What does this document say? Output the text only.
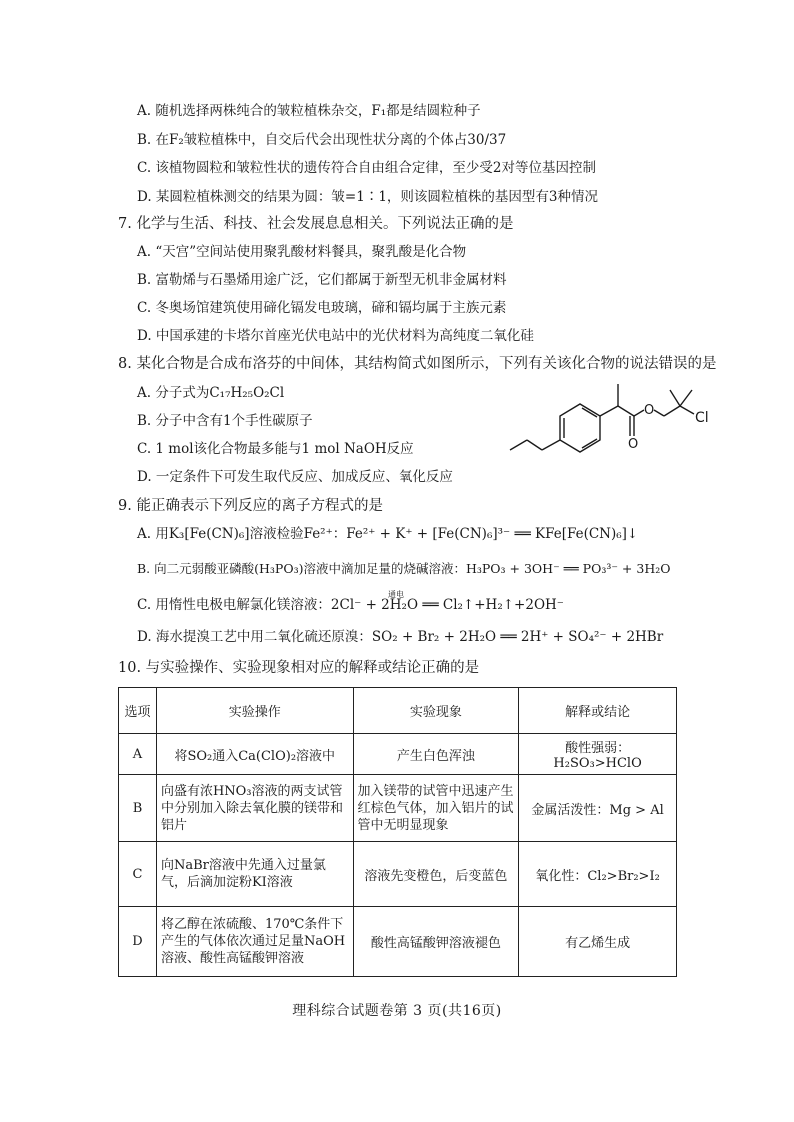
A. 随机选择两株纯合的皱粒植株杂交，F₁都是结圆粒种子
B. 在F₂皱粒植株中，自交后代会出现性状分离的个体占30/37
C. 该植物圆粒和皱粒性状的遗传符合自由组合定律，至少受2对等位基因控制
D. 某圆粒植株测交的结果为圆：皱=1∶1，则该圆粒植株的基因型有3种情况
7. 化学与生活、科技、社会发展息息相关。下列说法正确的是
A. “天宫”空间站使用聚乳酸材料餐具，聚乳酸是化合物
B. 富勒烯与石墨烯用途广泛，它们都属于新型无机非金属材料
C. 冬奥场馆建筑使用碲化镉发电玻璃，碲和镉均属于主族元素
D. 中国承建的卡塔尔首座光伏电站中的光伏材料为高纯度二氧化硅
8. 某化合物是合成布洛芬的中间体，其结构简式如图所示，下列有关该化合物的说法错误的是
A. 分子式为C₁₇H₂₅O₂Cl
B. 分子中含有1个手性碳原子
C. 1 mol该化合物最多能与1 mol NaOH反应
D. 一定条件下可发生取代反应、加成反应、氧化反应
O
O
Cl
9. 能正确表示下列反应的离子方程式的是
A. 用K₃[Fe(CN)₆]溶液检验Fe²⁺：Fe²⁺ + K⁺ + [Fe(CN)₆]³⁻ ══ KFe[Fe(CN)₆]↓
B. 向二元弱酸亚磷酸(H₃PO₃)溶液中滴加足量的烧碱溶液：H₃PO₃ + 3OH⁻ ══ PO₃³⁻ + 3H₂O
通电
C. 用惰性电极电解氯化镁溶液：2Cl⁻ + 2H₂O ══ Cl₂↑+H₂↑+2OH⁻
D. 海水提溴工艺中用二氧化硫还原溴：SO₂ + Br₂ + 2H₂O ══ 2H⁺ + SO₄²⁻ + 2HBr
10. 与实验操作、实验现象相对应的解释或结论正确的是
选项	实验操作	实验现象	解释或结论
A	将SO₂通入Ca(ClO)₂溶液中	产生白色浑浊	酸性强弱：H₂SO₃>HClO
B	向盛有浓HNO₃溶液的两支试管中分别加入除去氧化膜的镁带和铝片	加入镁带的试管中迅速产生红棕色气体，加入铝片的试管中无明显现象	金属活泼性：Mg > Al
C	向NaBr溶液中先通入过量氯气，后滴加淀粉KI溶液	溶液先变橙色，后变蓝色	氧化性：Cl₂>Br₂>I₂
D	将乙醇在浓硫酸、170℃条件下产生的气体依次通过足量NaOH溶液、酸性高锰酸钾溶液	酸性高锰酸钾溶液褪色	有乙烯生成
理科综合试题卷第 3 页(共16页)
